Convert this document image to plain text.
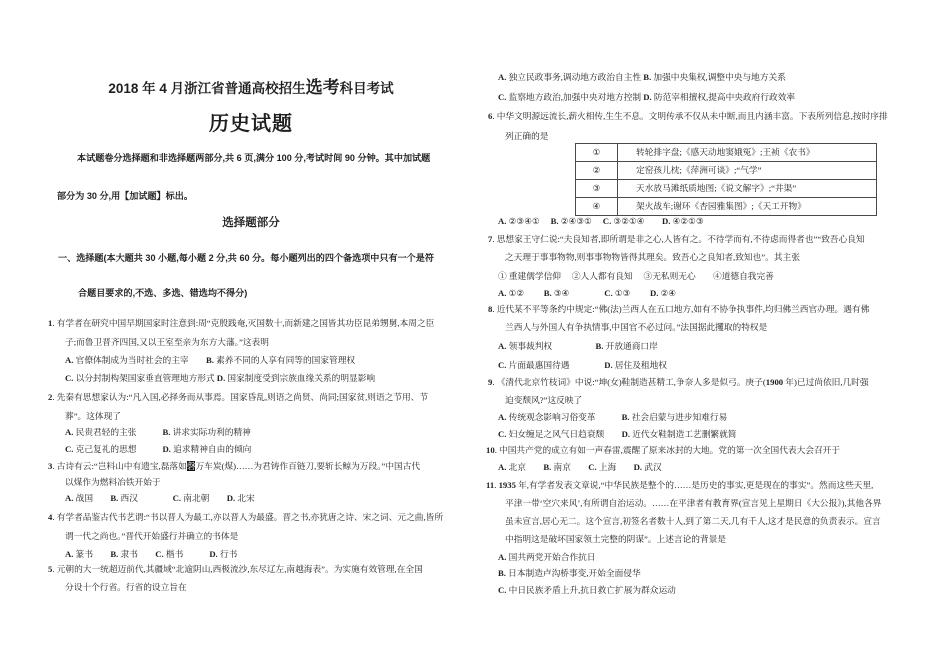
2018 年 4 月浙江省普通高校招生选考科目考试
历史试题
本试题卷分选择题和非选择题两部分,共 6 页,满分 100 分,考试时间 90 分钟。其中加试题
部分为 30 分,用【加试题】标出。
选择题部分
一、选择题(本大题共 30 小题,每小题 2 分,共 60 分。每小题列出的四个备选项中只有一个是符
合题目要求的,不选、多选、错选均不得分)
1. 有学者在研究中国早期国家时注意到:周“克殷践奄,灭国数十,而新建之国皆其功臣昆弟甥舅,本周之臣
子;而鲁卫晋齐四国,又以王室至亲为东方大藩。”这表明
A. 官僚体制成为当时社会的主宰　　B. 素养不同的人享有同等的国家管理权
C. 以分封制构架国家垂直管理地方形式 D. 国家制度受到宗族血缘关系的明显影响
2. 先秦有思想家认为:“凡入国,必择务而从事焉。国家昏乱,则语之尚贤、尚同;国家贫,则语之节用、节
葬”。这体现了
A. 民贵君轻的主张　　　B. 讲求实际功利的精神
C. 克己复礼的思想　　　D. 追求精神自由的倾向
3. 古诗有云:“岂料山中有遗宝,磊落如磬万车炭(煤)……为君铸作百链刀,要斩长鲸为万段。”中国古代
以煤作为燃料冶铁开始于
A. 战国　　B. 西汉　　　　C. 南北朝　　D. 北宋
4. 有学者品鉴古代书艺谓:“书以晋人为最工,亦以晋人为最盛。晋之书,亦犹唐之诗、宋之词、元之曲,皆所
谓一代之尚也。”晋代开始盛行并确立的书体是
A. 篆书　　B. 隶书　　C. 楷书　　　D. 行书
5. 元朝的大一统超迈前代,其疆域“北逾阴山,西极流沙,东尽辽左,南越海表”。为实施有效管理,在全国
分设十个行省。行省的设立旨在
A. 独立民政事务,调动地方政治自主性 B. 加强中央集权,调整中央与地方关系
C. 监察地方政治,加强中央对地方控制 D. 防范宰相擅权,提高中央政府行政效率
6. 中华文明源远流长,薪火相传,生生不息。文明传承不仅从未中断,而且内涵丰富。下表所列信息,按时序排
列正确的是
①	转轮排字盘;《感天动地窦娥冤》;王祯《农书》
②	定窑孩儿枕;《萍洲可谈》;“气学”
③	天水放马滩纸质地图;《说文解字》;“井渠”
④	架火战车;谢环《杏园雅集图》;《天工开物》
A. ②③④①　 B. ②④③①　 C. ③②①④　　D. ④②①③
7. 思想家王守仁说:“夫良知者,即所谓是非之心,人皆有之。不待学而有,不待虑而得者也”“致吾心良知
之天理于事事物物,则事事物物皆得其理矣。致吾心之良知者,致知也”。其主张
① 重建儒学信仰　 ②人人都有良知　 ③无私则无心　　④道德自我完善
A. ①②　　 B. ③④　　　　C. ①③　　 D. ②④
8. 近代某不平等条约中规定:“佛(法)兰西人在五口地方,如有不协争执事件,均归佛兰西官办理。遇有佛
兰西人与外国人有争执情事,中国官不必过问。”法国据此攫取的特权是
A. 领事裁判权　　　　　B. 开放通商口岸
C. 片面最惠国待遇　　　　D. 居住及租地权
9. 《清代北京竹枝词》中说:“坤(女)鞋制造甚精工,争奈人多是似弓。庚子(1900 年)已过尚依旧,几时强
迫变颓风?”这反映了
A. 传统观念影响习俗变革　　　B. 社会启蒙与进步知难行易
C. 妇女缠足之风气日趋衰颓　　D. 近代女鞋制造工艺删繁就简
10. 中国共产党的成立有如一声春雷,震醒了原来冰封的大地。党的第一次全国代表大会召开于
A. 北京　　B. 南京　　C. 上海　　D. 武汉
11. 1935 年,有学者发表文章说,“中华民族是整个的……是历史的事实,更是现在的事实”。然而这些天里,
平津一带‘空穴来风’,有所谓自治运动。……在平津者有教育界(宣言见上星期日《大公报》),其他各界
虽未宣言,居心无二。这个宣言,初签名者数十人,到了第二天,几有千人,这才是民意的负责表示。宣言
中指明这是破坏国家领土完整的阴谋”。上述言论的背景是
A. 国共两党开始合作抗日
B. 日本制造卢沟桥事变,开始全面侵华
C. 中日民族矛盾上升,抗日救亡扩展为群众运动
